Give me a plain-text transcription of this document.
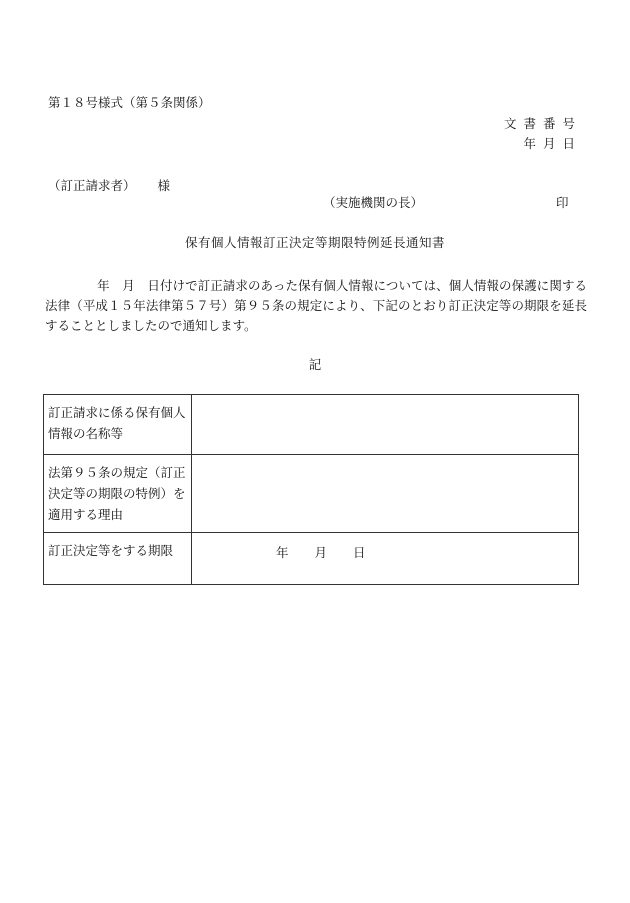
第１８号様式（第５条関係）
文書番号
年月日
（訂正請求者） 様
（実施機関の長）	印
保有個人情報訂正決定等期限特例延長通知書
年　月　日付けで訂正請求のあった保有個人情報については、個人情報の保護に関する法律（平成１５年法律第５７号）第９５条の規定により、下記のとおり訂正決定等の期限を延長することとしましたので通知します。
記
訂正請求に係る保有個人情報の名称等	
法第９５条の規定（訂正決定等の期限の特例）を適用する理由	
訂正決定等をする期限	年 月 日
